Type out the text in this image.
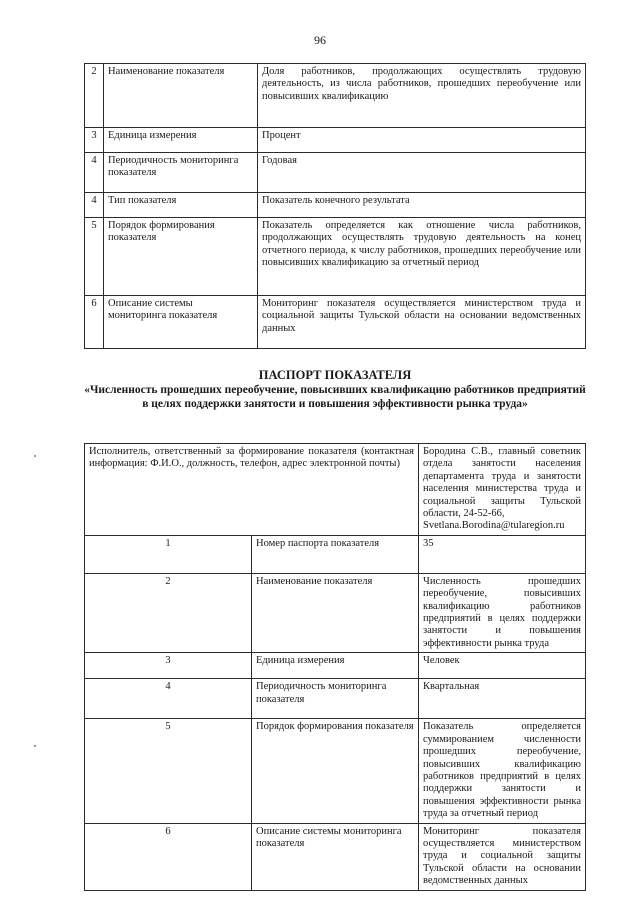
96
2	Наименование показателя	Доля работников, продолжающих осуществлять трудовую деятельность, из числа работников, прошедших переобучение или повысивших квалификацию
3	Единица измерения	Процент
4	Периодичность мониторинга показателя	Годовая
4	Тип показателя	Показатель конечного результата
5	Порядок формирования показателя	Показатель определяется как отношение числа работников, продолжающих осуществлять трудовую деятельность на конец отчетного периода, к числу работников, прошедших переобучение или повысивших квалификацию за отчетный период
6	Описание системы мониторинга показателя	Мониторинг показателя осуществляется министерством труда и социальной защиты Тульской области на основании ведомственных данных
ПАСПОРТ ПОКАЗАТЕЛЯ
«Численность прошедших переобучение, повысивших квалификацию работников предприятий в целях поддержки занятости и повышения эффективности рынка труда»
Исполнитель, ответственный за формирование показателя (контактная информация: Ф.И.О., должность, телефон, адрес электронной почты)		Бородина С.В., главный советник отдела занятости населения департамента труда и занятости населения министерства труда и социальной защиты Тульской области, 24-52-66,
Svetlana.Borodina@tularegion.ru
1	Номер паспорта показателя	35
2	Наименование показателя	Численность прошедших переобучение, повысивших квалификацию работников предприятий в целях поддержки занятости и повышения эффективности рынка труда
3	Единица измерения	Человек
4	Периодичность мониторинга показателя	Квартальная
5	Порядок формирования показателя	Показатель определяется суммированием численности прошедших переобучение, повысивших квалификацию работников предприятий в целях поддержки занятости и повышения эффективности рынка труда за отчетный период
6	Описание системы мониторинга показателя	Мониторинг показателя осуществляется министерством труда и социальной защиты Тульской области на основании ведомственных данных
